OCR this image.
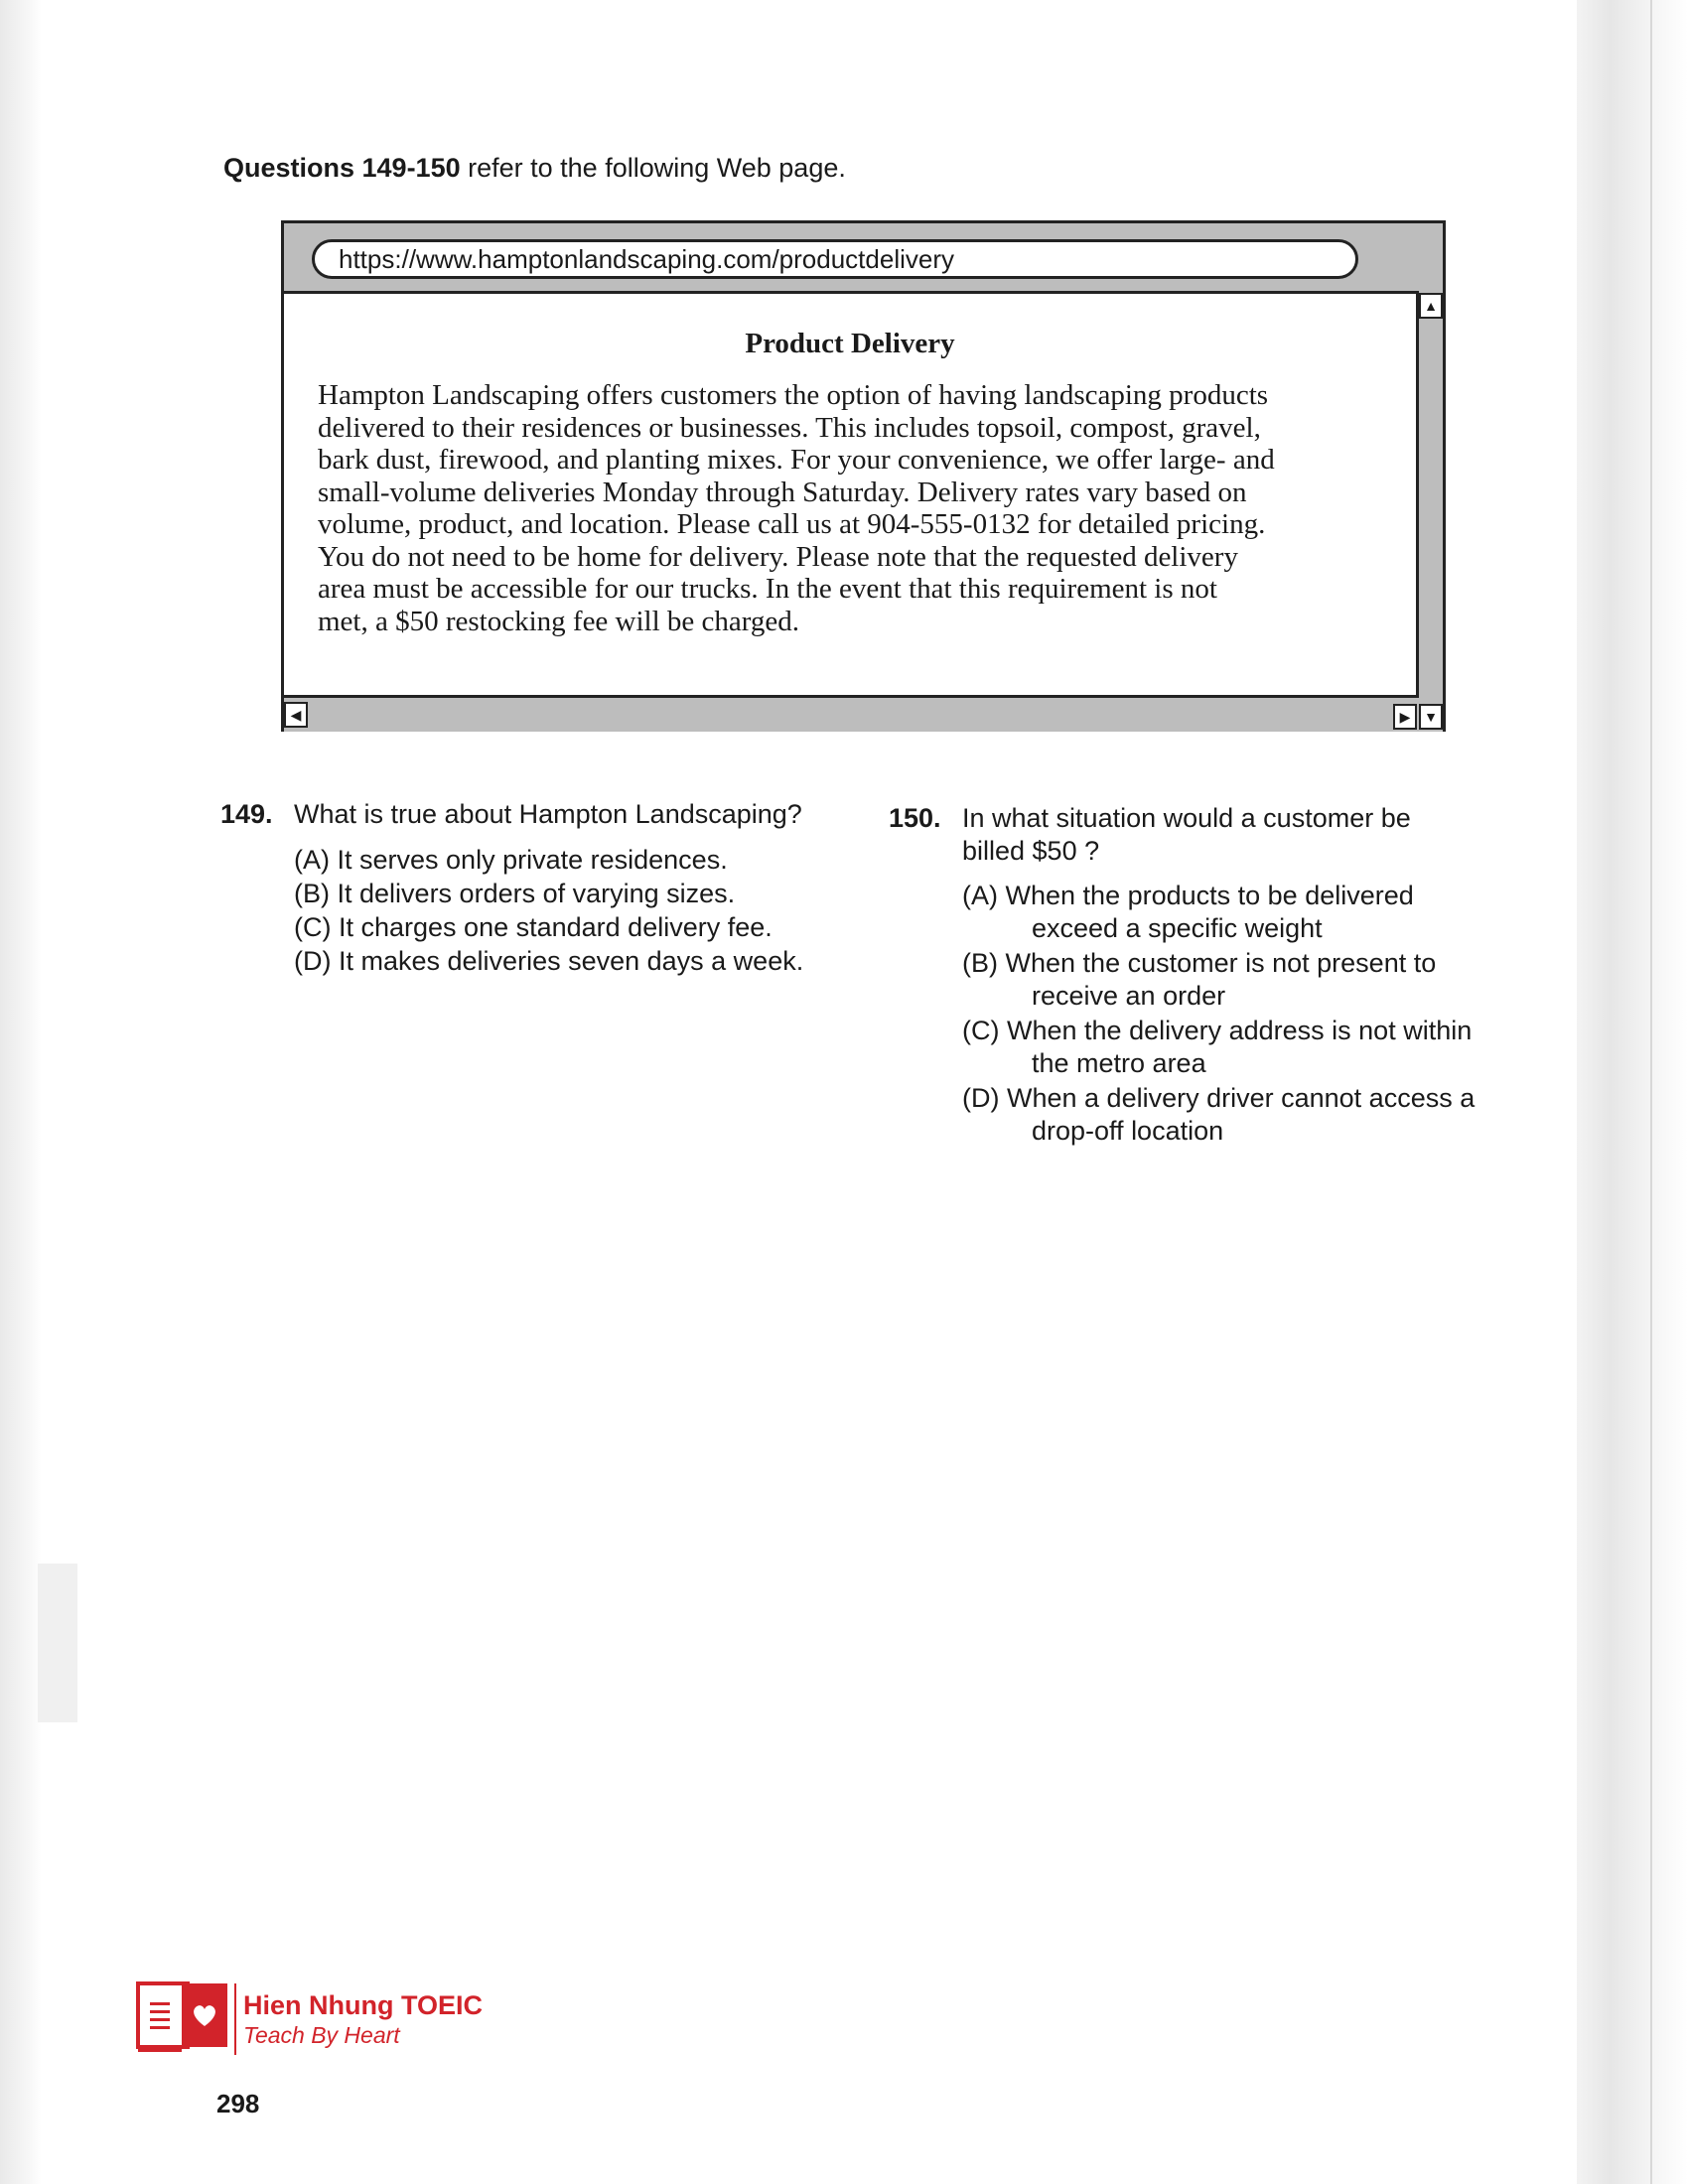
Questions 149-150 refer to the following Web page.
https://www.hamptonlandscaping.com/productdelivery
Product Delivery

Hampton Landscaping offers customers the option of having landscaping products
delivered to their residences or businesses. This includes topsoil, compost, gravel,
bark dust, firewood, and planting mixes. For your convenience, we offer large- and
small-volume deliveries Monday through Saturday. Delivery rates vary based on
volume, product, and location. Please call us at 904-555-0132 for detailed pricing.
You do not need to be home for delivery. Please note that the requested delivery
area must be accessible for our trucks. In the event that this requirement is not
met, a $50 restocking fee will be charged.

▲
▼
◀	▶
149. What is true about Hampton Landscaping?
(A) It serves only private residences.
(B) It delivers orders of varying sizes.
(C) It charges one standard delivery fee.
(D) It makes deliveries seven days a week.
150. In what situation would a customer be
billed $50 ?
(A) When the products to be delivered
exceed a specific weight
(B) When the customer is not present to
receive an order
(C) When the delivery address is not within
the metro area
(D) When a delivery driver cannot access a
drop-off location
Hien Nhung TOEIC
Teach By Heart
298
